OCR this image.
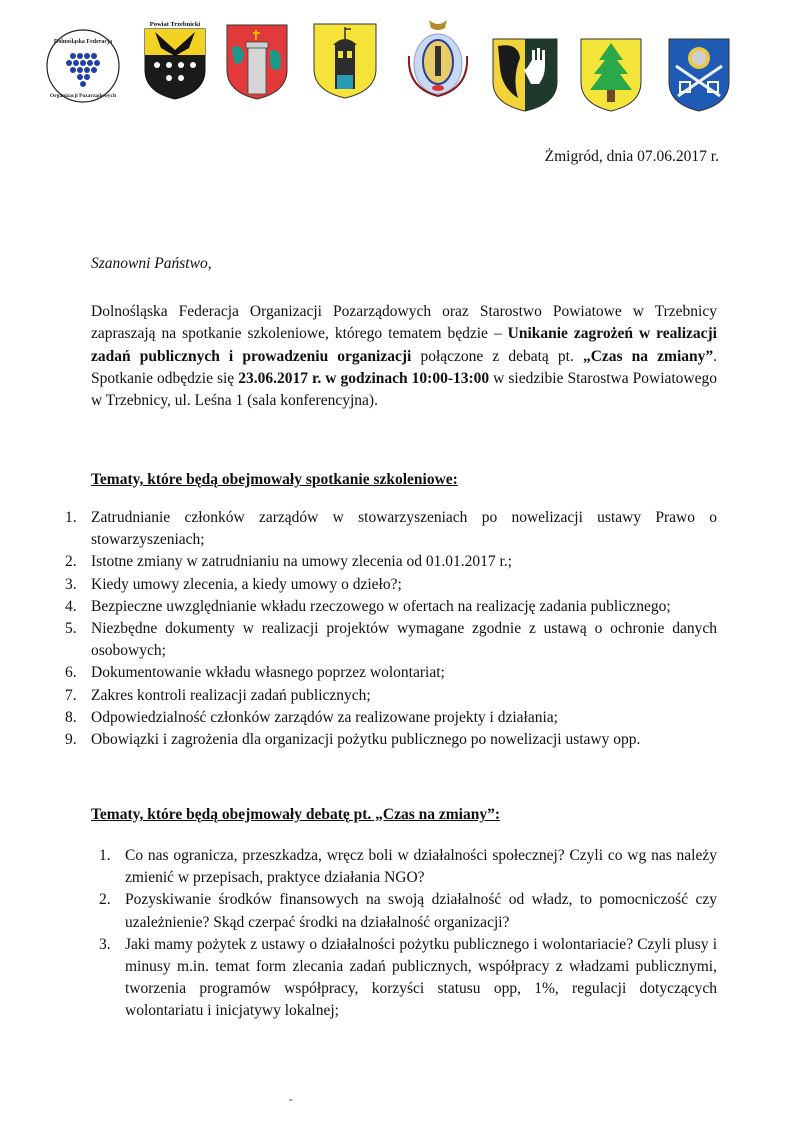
Dolnośląska Federacja
Organizacji Pozarządowych
Powiat Trzebnicki
Żmigród, dnia 07.06.2017 r.
Szanowni Państwo,
Dolnośląska Federacja Organizacji Pozarządowych oraz Starostwo Powiatowe w Trzebnicy zapraszają na spotkanie szkoleniowe, którego tematem będzie – Unikanie zagrożeń w realizacji zadań publicznych i prowadzeniu organizacji połączone z debatą pt. „Czas na zmiany”. Spotkanie odbędzie się 23.06.2017 r. w godzinach 10:00-13:00 w siedzibie Starostwa Powiatowego w Trzebnicy, ul. Leśna 1 (sala konferencyjna).
Tematy, które będą obejmowały spotkanie szkoleniowe:
1. Zatrudnianie członków zarządów w stowarzyszeniach po nowelizacji ustawy Prawo o stowarzyszeniach;
2. Istotne zmiany w zatrudnianiu na umowy zlecenia od 01.01.2017 r.;
3. Kiedy umowy zlecenia, a kiedy umowy o dzieło?;
4. Bezpieczne uwzględnianie wkładu rzeczowego w ofertach na realizację zadania publicznego;
5. Niezbędne dokumenty w realizacji projektów wymagane zgodnie z ustawą o ochronie danych osobowych;
6. Dokumentowanie wkładu własnego poprzez wolontariat;
7. Zakres kontroli realizacji zadań publicznych;
8. Odpowiedzialność członków zarządów za realizowane projekty i działania;
9. Obowiązki i zagrożenia dla organizacji pożytku publicznego po nowelizacji ustawy opp.
Tematy, które będą obejmowały debatę pt. „Czas na zmiany”:
1. Co nas ogranicza, przeszkadza, wręcz boli w działalności społecznej? Czyli co wg nas należy zmienić w przepisach, praktyce działania NGO?
2. Pozyskiwanie środków finansowych na swoją działalność od władz, to pomocniczość czy uzależnienie? Skąd czerpać środki na działalność organizacji?
3. Jaki mamy pożytek z ustawy o działalności pożytku publicznego i wolontariacie? Czyli plusy i minusy m.in. temat form zlecania zadań publicznych, współpracy z władzami publicznymi, tworzenia programów współpracy, korzyści statusu opp, 1%, regulacji dotyczących wolontariatu i inicjatywy lokalnej;
⌄
